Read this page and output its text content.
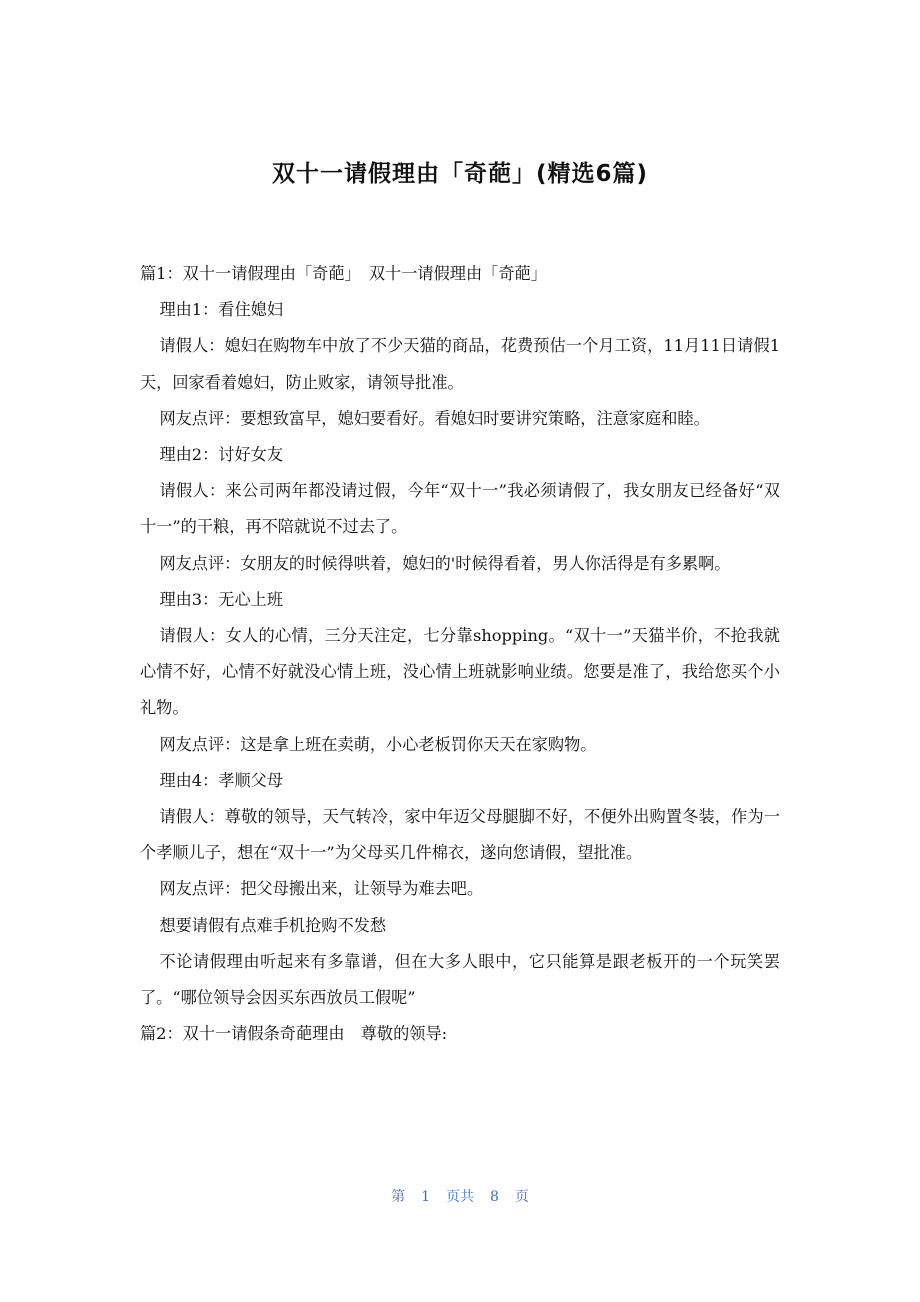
双十一请假理由「奇葩」(精选6篇)

篇1：双十一请假理由「奇葩」　双十一请假理由「奇葩」

理由1：看住媳妇

请假人：媳妇在购物车中放了不少天猫的商品，花费预估一个月工资，11月11日请假1天，回家看着媳妇，防止败家，请领导批准。

网友点评：要想致富早，媳妇要看好。看媳妇时要讲究策略，注意家庭和睦。

理由2：讨好女友

请假人：来公司两年都没请过假，今年“双十一”我必须请假了，我女朋友已经备好“双十一”的干粮，再不陪就说不过去了。

网友点评：女朋友的时候得哄着，媳妇的'时候得看着，男人你活得是有多累啊。

理由3：无心上班

请假人：女人的心情，三分天注定，七分靠shopping。“双十一”天猫半价，不抢我就心情不好，心情不好就没心情上班，没心情上班就影响业绩。您要是准了，我给您买个小礼物。

网友点评：这是拿上班在卖萌，小心老板罚你天天在家购物。

理由4：孝顺父母

请假人：尊敬的领导，天气转冷，家中年迈父母腿脚不好，不便外出购置冬装，作为一个孝顺儿子，想在“双十一”为父母买几件棉衣，遂向您请假，望批准。

网友点评：把父母搬出来，让领导为难去吧。

想要请假有点难手机抢购不发愁

不论请假理由听起来有多靠谱，但在大多人眼中，它只能算是跟老板开的一个玩笑罢了。“哪位领导会因买东西放员工假呢”

篇2：双十一请假条奇葩理由　尊敬的领导:

第 1 页共 8 页
